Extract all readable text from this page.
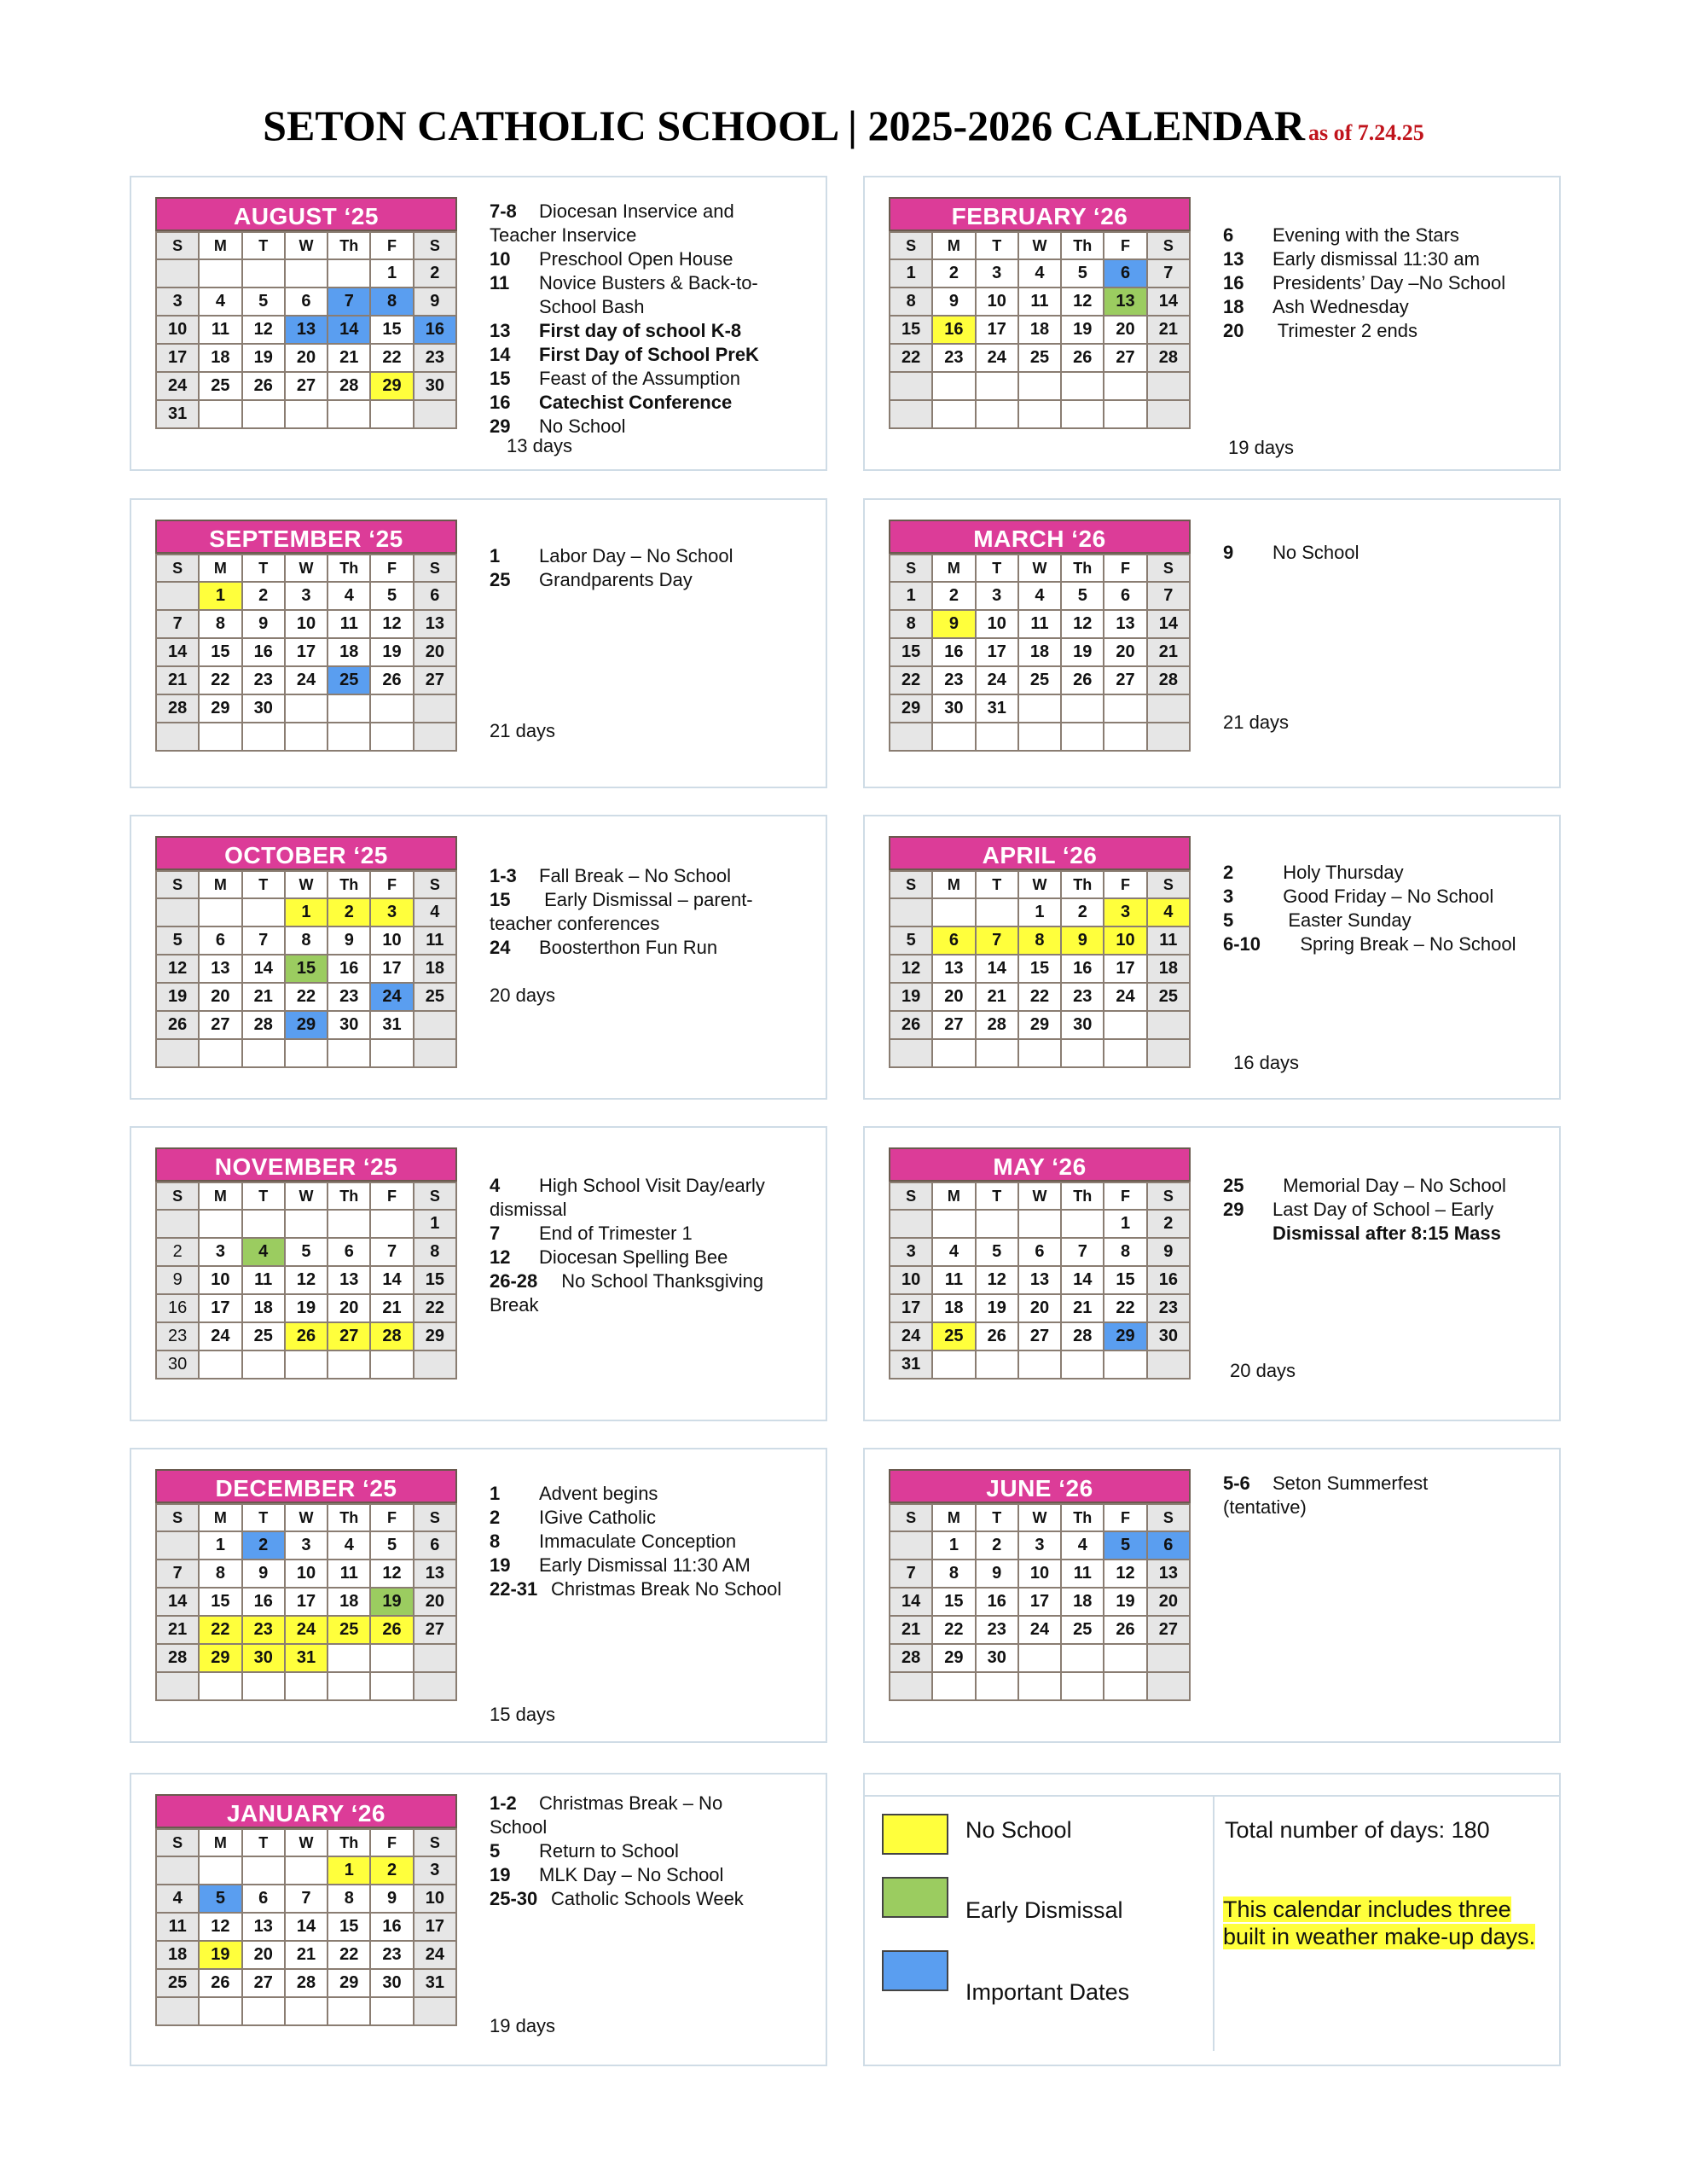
SETON CATHOLIC SCHOOL | 2025-2026 CALENDAR as of 7.24.25
AUGUST ‘25
S	M	T	W	Th	F	S
					1	2
3	4	5	6	7	8	9
10	11	12	13	14	15	16
17	18	19	20	21	22	23
24	25	26	27	28	29	30
31						
7-8 Diocesan Inservice and
Teacher Inservice
10 Preschool Open House
11 Novice Busters & Back-to-
School Bash
13 First day of school K-8
14 First Day of School PreK
15 Feast of the Assumption
16 Catechist Conference
29 No School
13 days
FEBRUARY ‘26
S	M	T	W	Th	F	S
1	2	3	4	5	6	7
8	9	10	11	12	13	14
15	16	17	18	19	20	21
22	23	24	25	26	27	28

6 Evening with the Stars
13 Early dismissal 11:30 am
16 Presidents’ Day –No School
18 Ash Wednesday
20 Trimester 2 ends
19 days
SEPTEMBER ‘25
S	M	T	W	Th	F	S
	1	2	3	4	5	6
7	8	9	10	11	12	13
14	15	16	17	18	19	20
21	22	23	24	25	26	27
28	29	30				

1 Labor Day – No School
25 Grandparents Day
21 days
MARCH ‘26
S	M	T	W	Th	F	S
1	2	3	4	5	6	7
8	9	10	11	12	13	14
15	16	17	18	19	20	21
22	23	24	25	26	27	28
29	30	31				

9 No School
21 days
OCTOBER ‘25
S	M	T	W	Th	F	S
			1	2	3	4
5	6	7	8	9	10	11
12	13	14	15	16	17	18
19	20	21	22	23	24	25
26	27	28	29	30	31	

1-3 Fall Break – No School
15 Early Dismissal – parent-
teacher conferences
24 Boosterthon Fun Run
20 days
APRIL ‘26
S	M	T	W	Th	F	S
			1	2	3	4
5	6	7	8	9	10	11
12	13	14	15	16	17	18
19	20	21	22	23	24	25
26	27	28	29	30		

2  Holy Thursday
3  Good Friday – No School
5   Easter Sunday
6-10   Spring Break – No School
16 days
NOVEMBER ‘25
S	M	T	W	Th	F	S
						1
2	3	4	5	6	7	8
9	10	11	12	13	14	15
16	17	18	19	20	21	22
23	24	25	26	27	28	29
30						
4 High School Visit Day/early
dismissal
7 End of Trimester 1
12 Diocesan Spelling Bee
26-28  No School Thanksgiving
Break
MAY ‘26
S	M	T	W	Th	F	S
					1	2
3	4	5	6	7	8	9
10	11	12	13	14	15	16
17	18	19	20	21	22	23
24	25	26	27	28	29	30
31						
25  Memorial Day – No School
29 Last Day of School – Early
Dismissal after 8:15 Mass
20 days
DECEMBER ‘25
S	M	T	W	Th	F	S
	1	2	3	4	5	6
7	8	9	10	11	12	13
14	15	16	17	18	19	20
21	22	23	24	25	26	27
28	29	30	31			

1 Advent begins
2 IGive Catholic
8 Immaculate Conception
19 Early Dismissal 11:30 AM
22-31 Christmas Break No School
15 days
JUNE ‘26
S	M	T	W	Th	F	S
	1	2	3	4	5	6
7	8	9	10	11	12	13
14	15	16	17	18	19	20
21	22	23	24	25	26	27
28	29	30				

5-6 Seton Summerfest
(tentative)
JANUARY ‘26
S	M	T	W	Th	F	S
				1	2	3
4	5	6	7	8	9	10
11	12	13	14	15	16	17
18	19	20	21	22	23	24
25	26	27	28	29	30	31

1-2 Christmas Break – No
School
5 Return to School
19 MLK Day – No School
25-30 Catholic Schools Week
19 days
No School
Early Dismissal
Important Dates
Total number of days: 180
This calendar includes three
built in weather make-up days.
